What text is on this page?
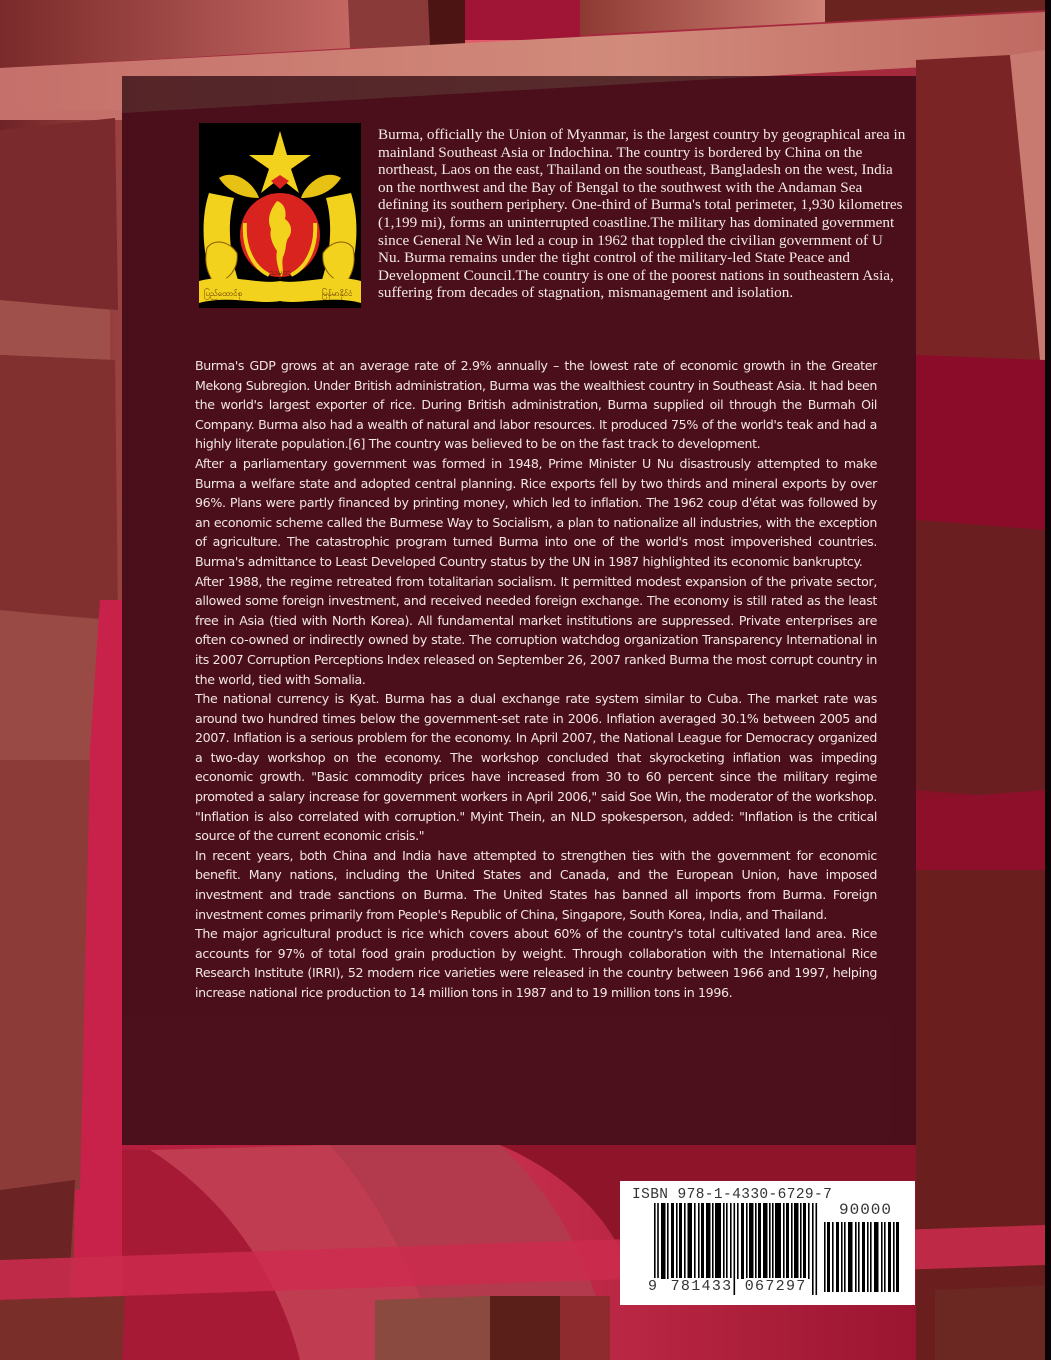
သမ္မတ
ပြည်ထောင်စု	မြန်မာနိုင်ငံ
Burma, officially the Union of Myanmar, is the largest country by geographical area in mainland Southeast Asia or Indochina. The country is bordered by China on the northeast, Laos on the east, Thailand on the southeast, Bangladesh on the west, India on the northwest and the Bay of Bengal to the southwest with the Andaman Sea defining its southern periphery. One-third of Burma's total perimeter, 1,930 kilometres (1,199 mi), forms an uninterrupted coastline.The military has dominated government since General Ne Win led a coup in 1962 that toppled the civilian government of U Nu. Burma remains under the tight control of the military-led State Peace and Development Council.The country is one of the poorest nations in southeastern Asia, suffering from decades of stagnation, mismanagement and isolation.

Burma's GDP grows at an average rate of 2.9% annually – the lowest rate of economic growth in the Greater Mekong Subregion. Under British administration, Burma was the wealthiest country in Southeast Asia. It had been the world's largest exporter of rice. During British administration, Burma supplied oil through the Burmah Oil Company. Burma also had a wealth of natural and labor resources. It produced 75% of the world's teak and had a highly literate population.[6] The country was believed to be on the fast track to development.

After a parliamentary government was formed in 1948, Prime Minister U Nu disastrously attempted to make Burma a welfare state and adopted central planning. Rice exports fell by two thirds and mineral exports by over 96%. Plans were partly financed by printing money, which led to inflation. The 1962 coup d'état was followed by an economic scheme called the Burmese Way to Socialism, a plan to nationalize all industries, with the exception of agriculture. The catastrophic program turned Burma into one of the world's most impoverished countries. Burma's admittance to Least Developed Country status by the UN in 1987 highlighted its economic bankruptcy.

After 1988, the regime retreated from totalitarian socialism. It permitted modest expansion of the private sector, allowed some foreign investment, and received needed foreign exchange. The economy is still rated as the least free in Asia (tied with North Korea). All fundamental market institutions are suppressed. Private enterprises are often co-owned or indirectly owned by state. The corruption watchdog organization Transparency International in its 2007 Corruption Perceptions Index released on September 26, 2007 ranked Burma the most corrupt country in the world, tied with Somalia.

The national currency is Kyat. Burma has a dual exchange rate system similar to Cuba. The market rate was around two hundred times below the government-set rate in 2006. Inflation averaged 30.1% between 2005 and 2007. Inflation is a serious problem for the economy. In April 2007, the National League for Democracy organized a two-day workshop on the economy. The workshop concluded that skyrocketing inflation was impeding economic growth. "Basic commodity prices have increased from 30 to 60 percent since the military regime promoted a salary increase for government workers in April 2006," said Soe Win, the moderator of the workshop. "Inflation is also correlated with corruption." Myint Thein, an NLD spokesperson, added: "Inflation is the critical source of the current economic crisis."

In recent years, both China and India have attempted to strengthen ties with the government for economic benefit. Many nations, including the United States and Canada, and the European Union, have imposed investment and trade sanctions on Burma. The United States has banned all imports from Burma. Foreign investment comes primarily from People's Republic of China, Singapore, South Korea, India, and Thailand.

The major agricultural product is rice which covers about 60% of the country's total cultivated land area. Rice accounts for 97% of total food grain production by weight. Through collaboration with the International Rice Research Institute (IRRI), 52 modern rice varieties were released in the country between 1966 and 1997, helping increase national rice production to 14 million tons in 1987 and to 19 million tons in 1996.

ISBN 978-1-4330-6729-7
90000
9 781433 067297
